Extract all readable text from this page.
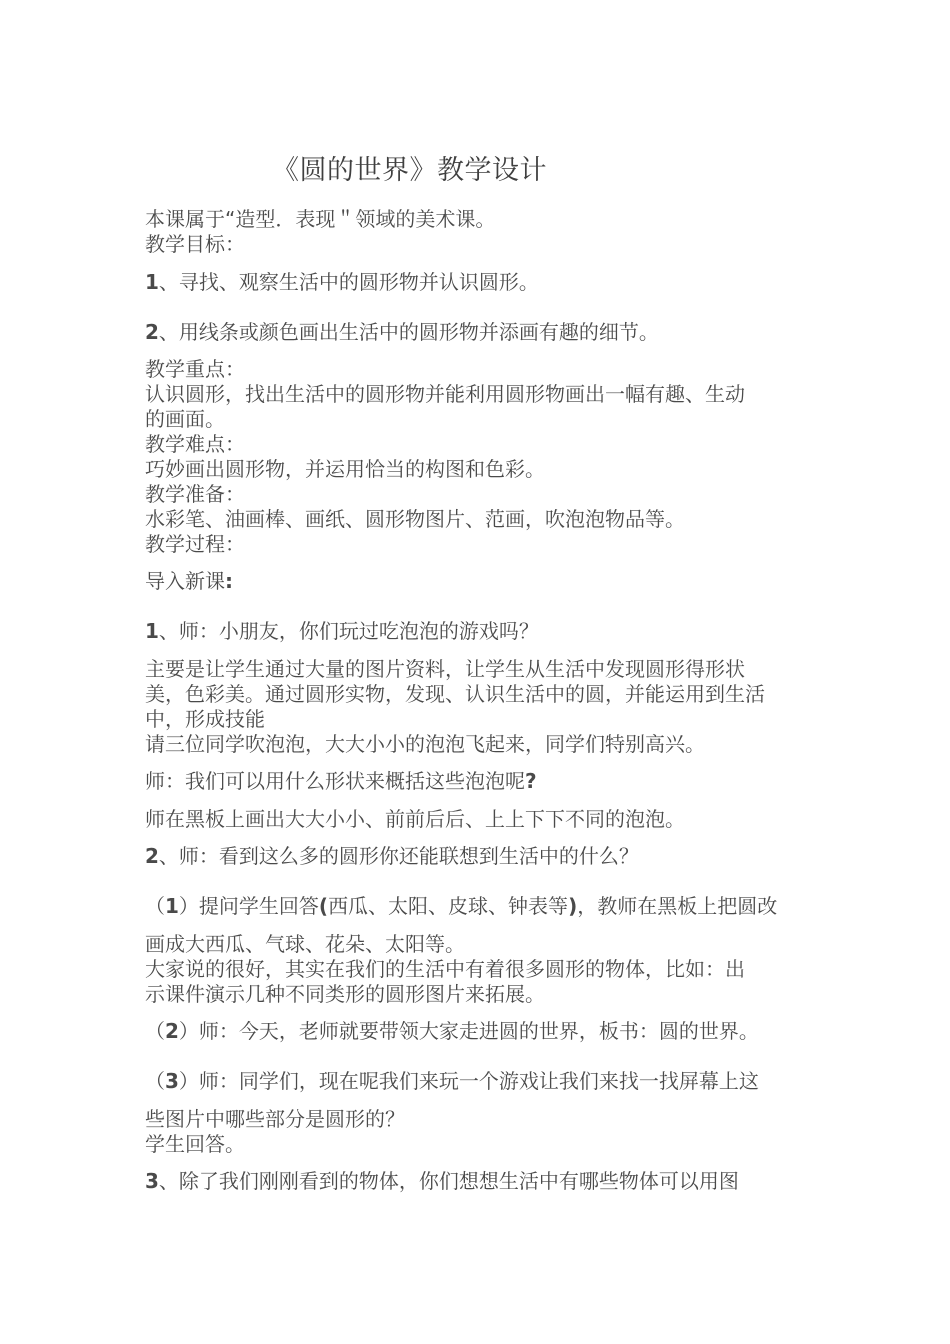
《圆的世界》教学设计
本课属于“造型．表现＂领域的美术课。
教学目标：
1、寻找、观察生活中的圆形物并认识圆形。
2、用线条或颜色画出生活中的圆形物并添画有趣的细节。
教学重点：
认识圆形，找出生活中的圆形物并能利用圆形物画出一幅有趣、生动
的画面。
教学难点：
巧妙画出圆形物，并运用恰当的构图和色彩。
教学准备：
水彩笔、油画棒、画纸、圆形物图片、范画，吹泡泡物品等。
教学过程：
导入新课:
1、师：小朋友，你们玩过吃泡泡的游戏吗？
主要是让学生通过大量的图片资料，让学生从生活中发现圆形得形状
美，色彩美。通过圆形实物，发现、认识生活中的圆，并能运用到生活
中，形成技能
请三位同学吹泡泡，大大小小的泡泡飞起来，同学们特别高兴。
师：我们可以用什么形状来概括这些泡泡呢?
师在黑板上画出大大小小、前前后后、上上下下不同的泡泡。
2、师：看到这么多的圆形你还能联想到生活中的什么？
（1）提问学生回答(西瓜、太阳、皮球、钟表等)，教师在黑板上把圆改
画成大西瓜、气球、花朵、太阳等。
大家说的很好，其实在我们的生活中有着很多圆形的物体，比如：出
示课件演示几种不同类形的圆形图片来拓展。
（2）师：今天，老师就要带领大家走进圆的世界，板书：圆的世界。
（3）师：同学们，现在呢我们来玩一个游戏让我们来找一找屏幕上这
些图片中哪些部分是圆形的？
学生回答。
3、除了我们刚刚看到的物体，你们想想生活中有哪些物体可以用图
